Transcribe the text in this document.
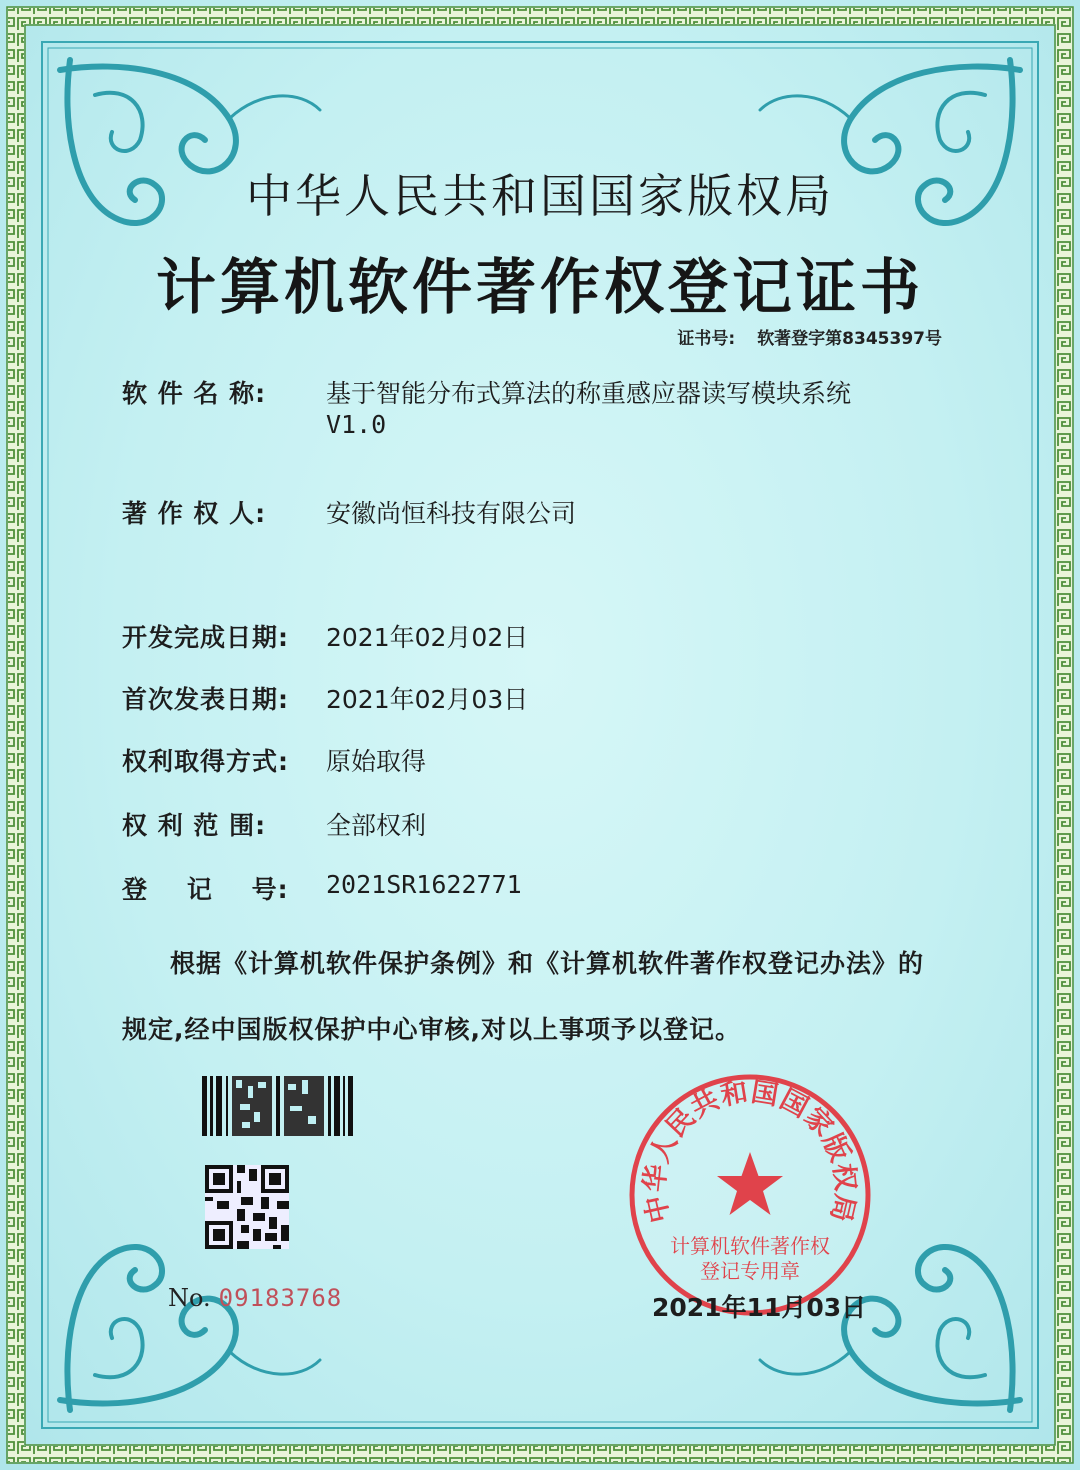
中华人民共和国国家版权局
计算机软件著作权登记证书
证书号: 软著登字第8345397号
软 件 名 称: 基于智能分布式算法的称重感应器读写模块系统
V1.0
著 作 权 人: 安徽尚恒科技有限公司
开发完成日期: 2021年02月02日
首次发表日期: 2021年02月03日
权利取得方式: 原始取得
权 利 范 围: 全部权利
登    记    号: 2021SR1622771
根据《计算机软件保护条例》和《计算机软件著作权登记办法》的
规定,经中国版权保护中心审核,对以上事项予以登记。
No. 09183768
中华人民共和国国家版权局
计算机软件著作权
登记专用章
2021年11月03日
